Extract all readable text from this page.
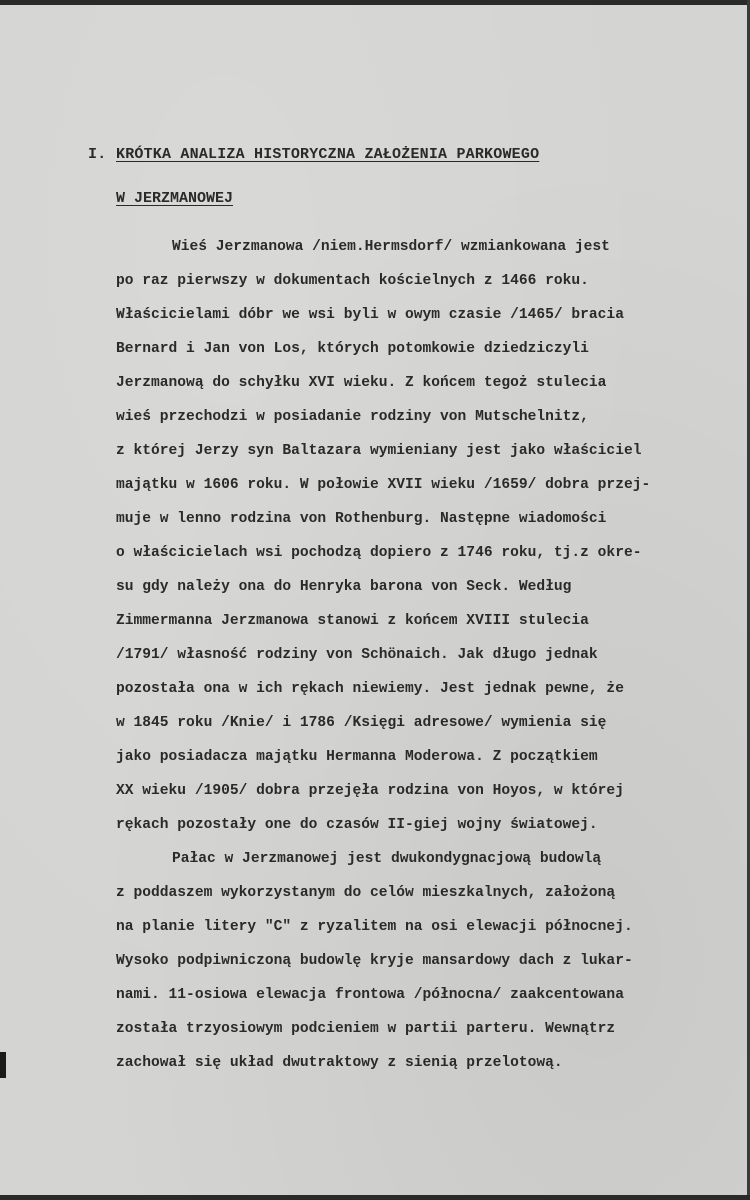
I. KRÓTKA ANALIZA HISTORYCZNA ZAŁOŻENIA PARKOWEGO
W JERZMANOWEJ
Wieś Jerzmanowa /niem.Hermsdorf/ wzmiankowana jest
po raz pierwszy w dokumentach kościelnych z 1466 roku.
Właścicielami dóbr we wsi byli w owym czasie /1465/ bracia
Bernard i Jan von Los, których potomkowie dziedziczyli
Jerzmanową do schyłku XVI wieku. Z końcem tegoż stulecia
wieś przechodzi w posiadanie rodziny von Mutschelnitz,
z której Jerzy syn Baltazara wymieniany jest jako właściciel
majątku w 1606 roku. W połowie XVII wieku /1659/ dobra przej-
muje w lenno rodzina von Rothenburg. Następne wiadomości
o właścicielach wsi pochodzą dopiero z 1746 roku, tj.z okre-
su gdy należy ona do Henryka barona von Seck. Według
Zimmermanna Jerzmanowa stanowi z końcem XVIII stulecia
/1791/ własność rodziny von Schönaich. Jak długo jednak
pozostała ona w ich rękach niewiemy. Jest jednak pewne, że
w 1845 roku /Knie/ i 1786 /Księgi adresowe/ wymienia się
jako posiadacza majątku Hermanna Moderowa. Z początkiem
XX wieku /1905/ dobra przejęła rodzina von Hoyos, w której
rękach pozostały one do czasów II-giej wojny światowej.
Pałac w Jerzmanowej jest dwukondygnacjową budowlą
z poddaszem wykorzystanym do celów mieszkalnych, założoną
na planie litery "C" z ryzalitem na osi elewacji północnej.
Wysoko podpiwniczoną budowlę kryje mansardowy dach z lukar-
nami. 11-osiowa elewacja frontowa /północna/ zaakcentowana
została trzyosiowym podcieniem w partii parteru. Wewnątrz
zachował się układ dwutraktowy z sienią przelotową.
